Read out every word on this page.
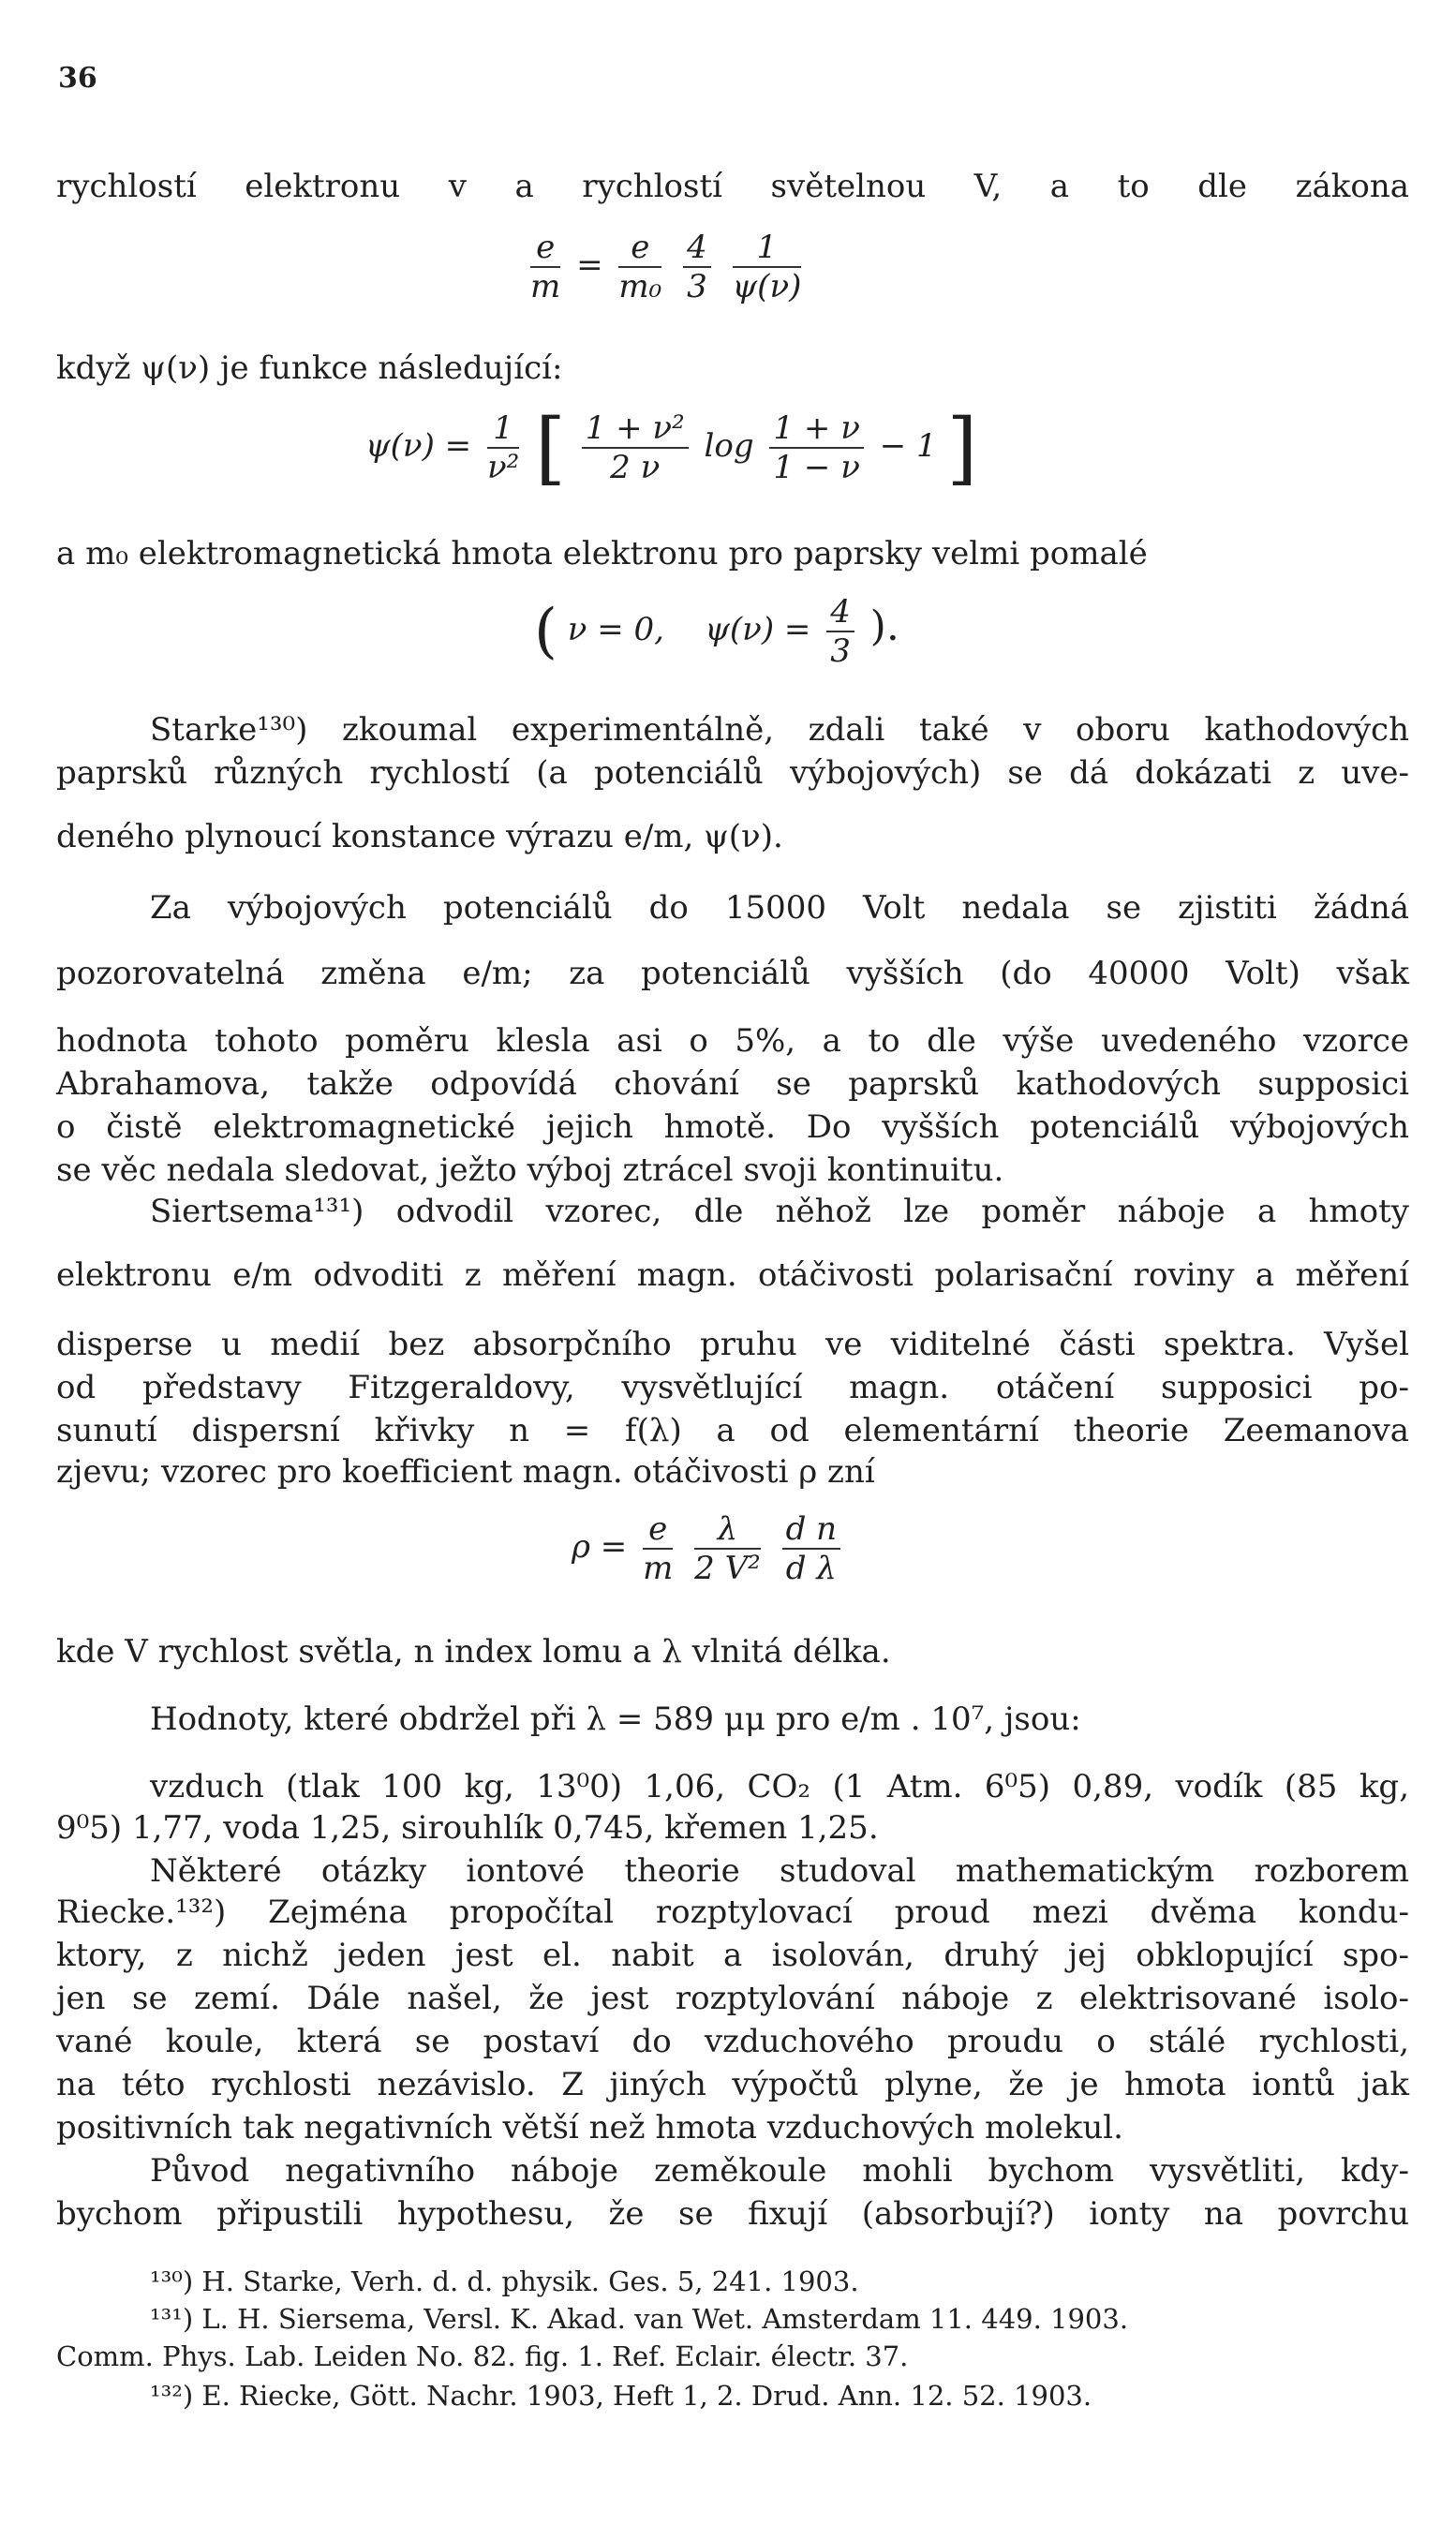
36
rychlostí elektronu v a rychlostí světelnou V, a to dle zákona
$\frac{e}{m} = \frac{e}{\text{m₀}}$
$\frac{4}{3}$
$\frac{1}{\psi(\nu)}$
když ψ(ν) je funkce následující:
$\psi(\nu) = \frac{1}{\text{ν²}}$ [ $\frac{\text{1 + ν²}}{2 \nu}$ $\log \frac{1 + \nu}{1 - \nu} - 1$ ]
a m₀ elektromagnetická hmota elektronu pro paprsky velmi pomalé
( ν = 0, $\psi(\nu) = \frac{4}{3}$ ).
Starke¹³⁰) zkoumal experimentálně, zdali také v oboru kathodových
paprsků různých rychlostí (a potenciálů výbojových) se dá dokázati z uve-
deného plynoucí konstance výrazu e/m, ψ(ν).
Za výbojových potenciálů do 15000 Volt nedala se zjistiti žádná
pozorovatelná změna e/m; za potenciálů vyšších (do 40000 Volt) však
hodnota tohoto poměru klesla asi o 5%, a to dle výše uvedeného vzorce
Abrahamova, takže odpovídá chování se paprsků kathodových supposici
o čistě elektromagnetické jejich hmotě. Do vyšších potenciálů výbojových
se věc nedala sledovat, ježto výboj ztrácel svoji kontinuitu.
Siertsema¹³¹) odvodil vzorec, dle něhož lze poměr náboje a hmoty
elektronu e/m odvoditi z měření magn. otáčivosti polarisační roviny a měření
disperse u medií bez absorpčního pruhu ve viditelné části spektra. Vyšel
od představy Fitzgeraldovy, vysvětlující magn. otáčení supposici po-
sunutí dispersní křivky n = f(λ) a od elementární theorie Zeemanova
zjevu; vzorec pro koefficient magn. otáčivosti ρ zní
$\rho = \frac{e}{m}$
$\frac{\lambda}{\text{2 V²}}$
$\frac{\text{d n}}{\text{d λ}}$
kde V rychlost světla, n index lomu a λ vlnitá délka.
Hodnoty, které obdržel při λ = 589 μμ pro e/m . 10⁷, jsou:
vzduch (tlak 100 kg, 13⁰0) 1,06, CO₂ (1 Atm. 6⁰5) 0,89, vodík (85 kg,
9⁰5) 1,77, voda 1,25, sirouhlík 0,745, křemen 1,25.
Některé otázky iontové theorie studoval mathematickým rozborem
Riecke.¹³²) Zejména propočítal rozptylovací proud mezi dvěma kondu-
ktory, z nichž jeden jest el. nabit a isolován, druhý jej obklopující spo-
jen se zemí. Dále našel, že jest rozptylování náboje z elektrisované isolo-
vané koule, která se postaví do vzduchového proudu o stálé rychlosti,
na této rychlosti nezávislo. Z jiných výpočtů plyne, že je hmota iontů jak
positivních tak negativních větší než hmota vzduchových molekul.
Původ negativního náboje zeměkoule mohli bychom vysvětliti, kdy-
bychom připustili hypothesu, že se fixují (absorbují?) ionty na povrchu
¹³⁰) H. Starke, Verh. d. d. physik. Ges. 5, 241. 1903.
¹³¹) L. H. Siersema, Versl. K. Akad. van Wet. Amsterdam 11. 449. 1903.
Comm. Phys. Lab. Leiden No. 82. fig. 1. Ref. Eclair. électr. 37.
¹³²) E. Riecke, Gött. Nachr. 1903, Heft 1, 2. Drud. Ann. 12. 52. 1903.
